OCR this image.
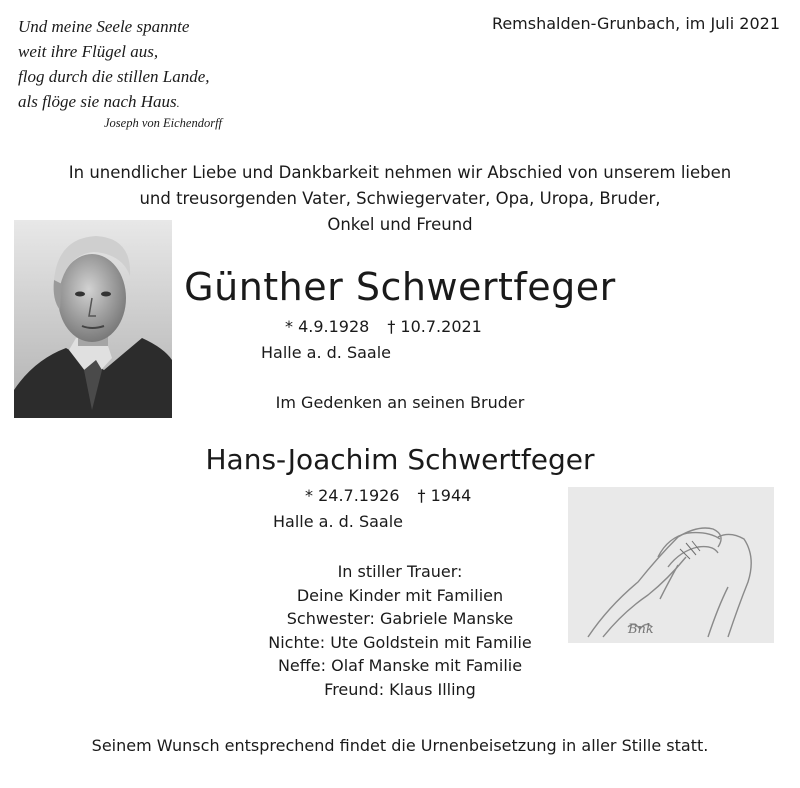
Und meine Seele spannte
weit ihre Flügel aus,
flog durch die stillen Lande,
als flöge sie nach Haus.
Joseph von Eichendorff
Remshalden-Grunbach, im Juli 2021
In unendlicher Liebe und Dankbarkeit nehmen wir Abschied von unserem lieben
und treusorgenden Vater, Schwiegervater, Opa, Uropa, Bruder,
Onkel und Freund
Günther Schwertfeger
* 4.9.1928 † 10.7.2021
Halle a. d. Saale
Im Gedenken an seinen Bruder
Hans-Joachim Schwertfeger
* 24.7.1926 † 1944
Halle a. d. Saale
Bnk
In stiller Trauer:
Deine Kinder mit Familien
Schwester: Gabriele Manske
Nichte: Ute Goldstein mit Familie
Neffe: Olaf Manske mit Familie
Freund: Klaus Illing
Seinem Wunsch entsprechend findet die Urnenbeisetzung in aller Stille statt.
